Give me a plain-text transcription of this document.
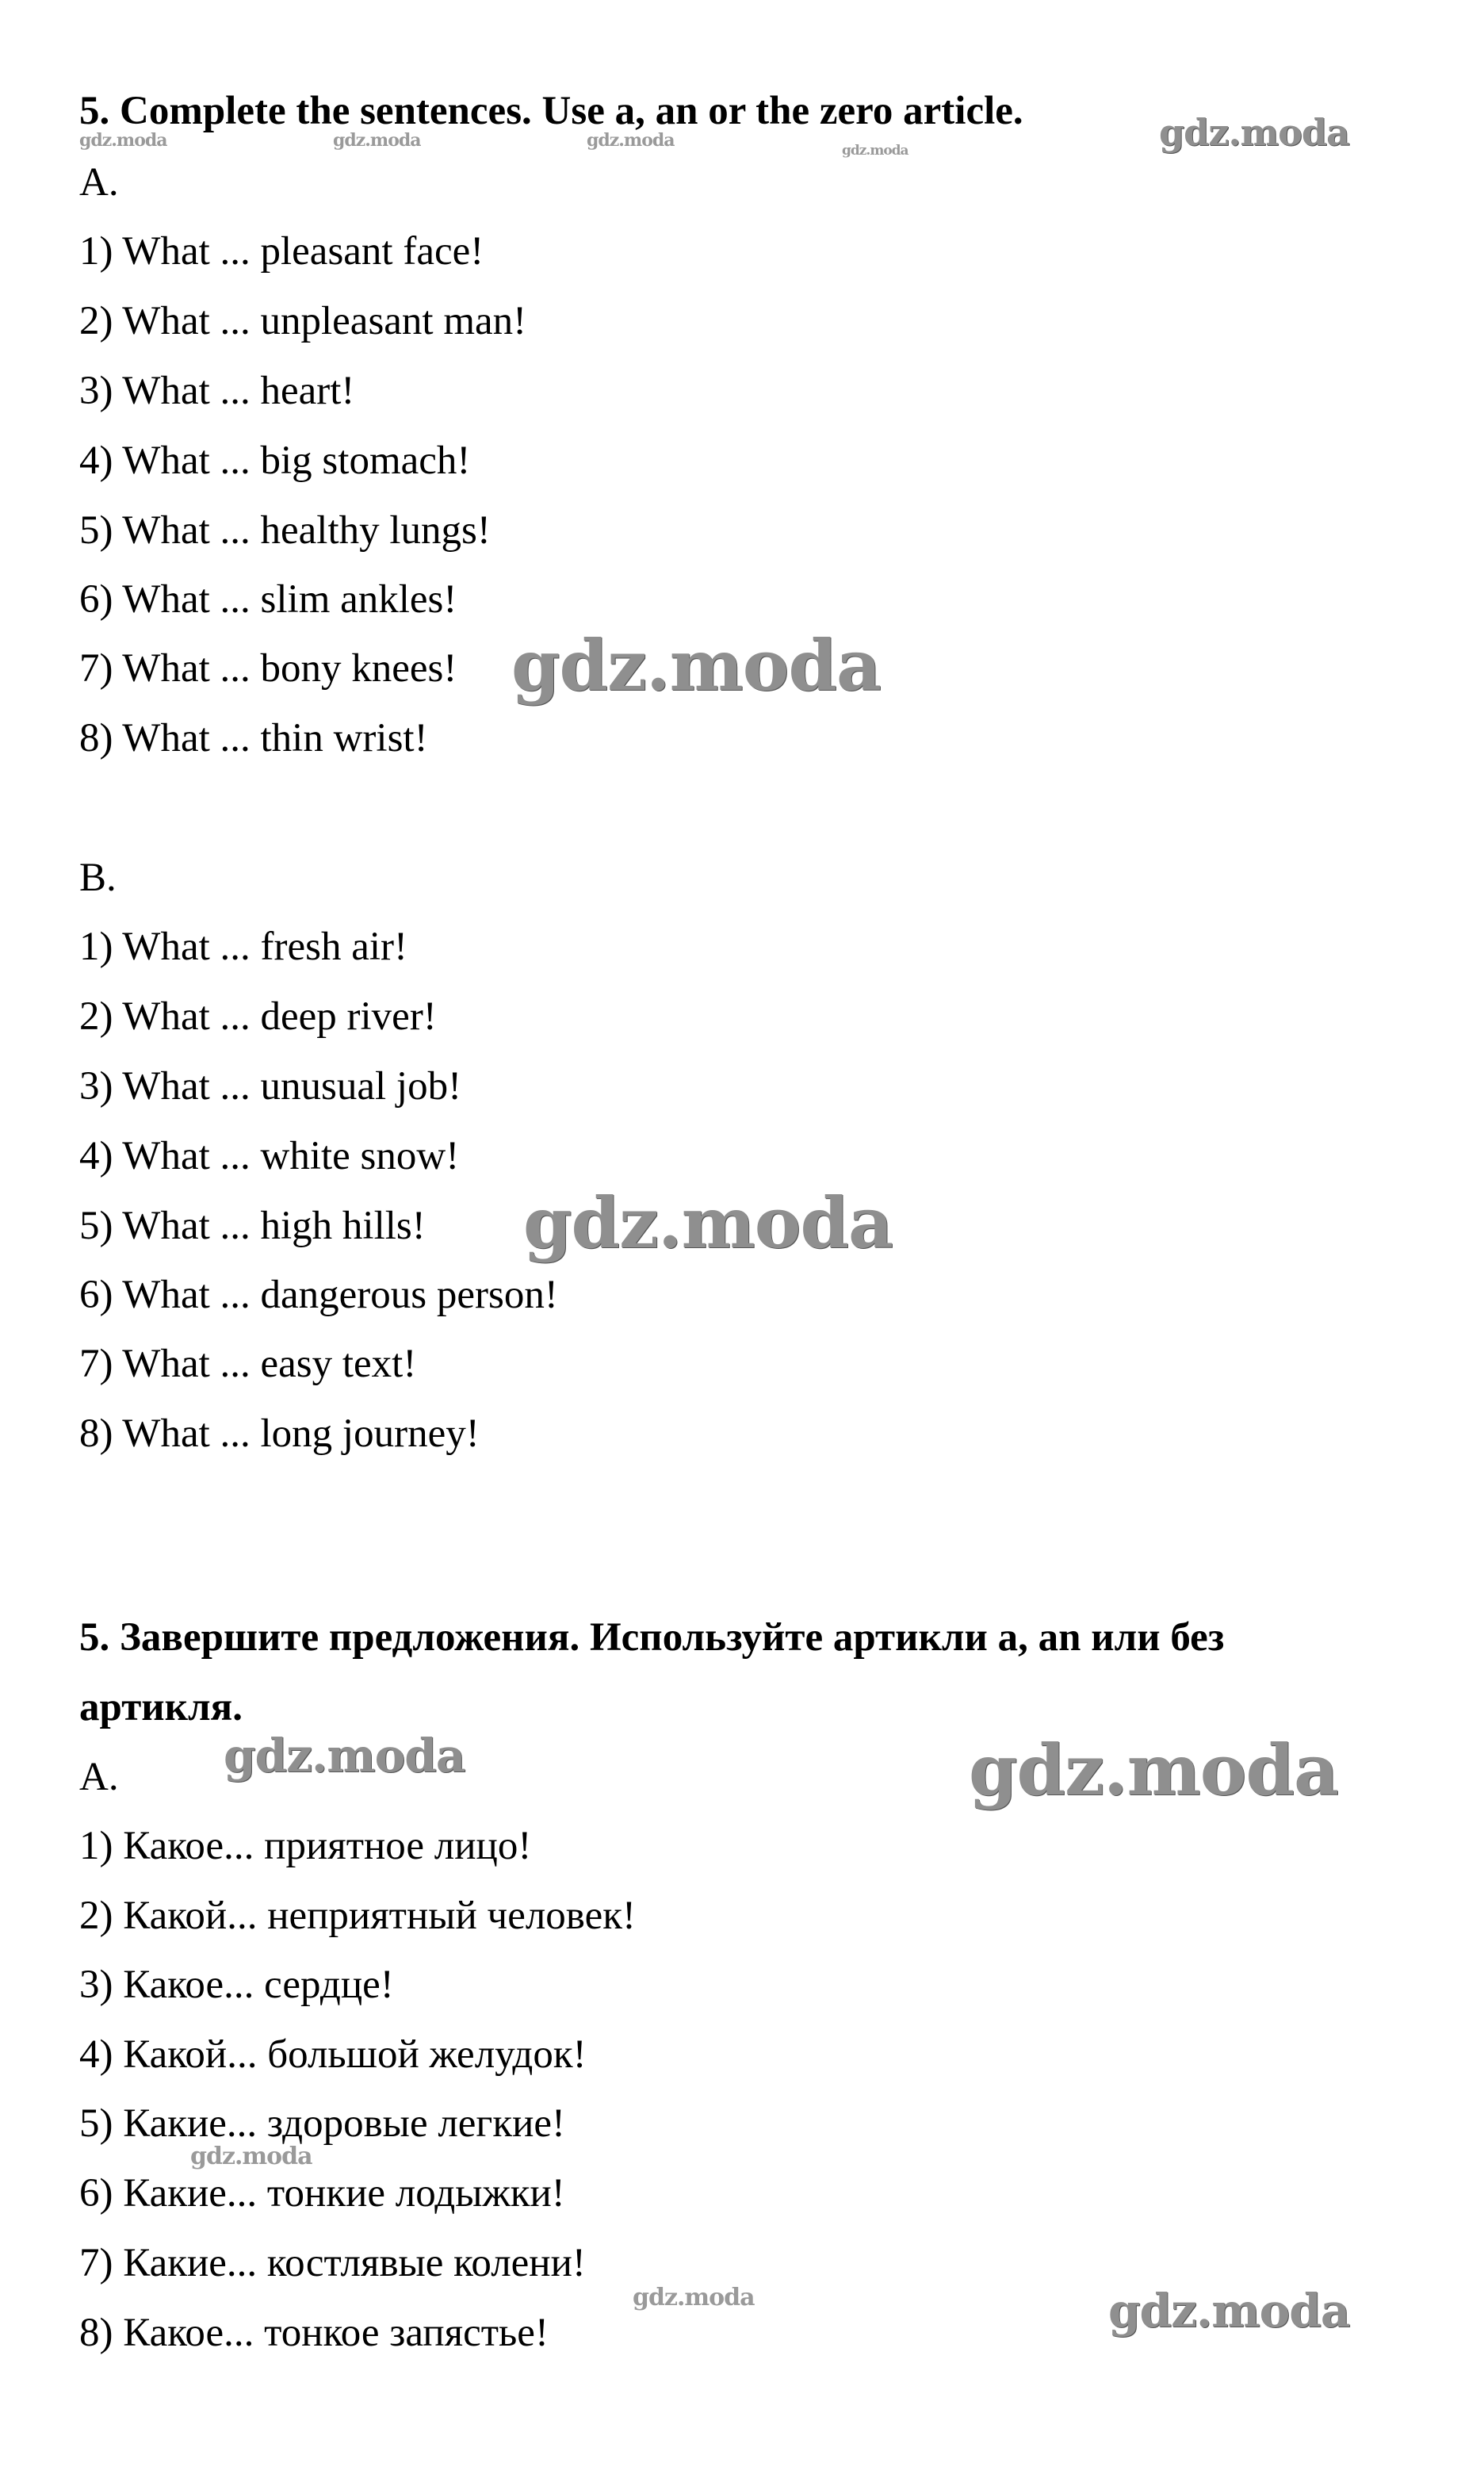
5. Complete the sentences. Use a, an or the zero article.
A.
1) What ... pleasant face!
2) What ... unpleasant man!
3) What ... heart!
4) What ... big stomach!
5) What ... healthy lungs!
6) What ... slim ankles!
7) What ... bony knees!
8) What ... thin wrist!
B.
1) What ... fresh air!
2) What ... deep river!
3) What ... unusual job!
4) What ... white snow!
5) What ... high hills!
6) What ... dangerous person!
7) What ... easy text!
8) What ... long journey!
5. Завершите предложения. Используйте артикли a, an или без
артикля.
A.
1) Какое... приятное лицо!
2) Какой... неприятный человек!
3) Какое... сердце!
4) Какой... большой желудок!
5) Какие... здоровые легкие!
6) Какие... тонкие лодыжки!
7) Какие... костлявые колени!
8) Какое... тонкое запястье!
gdz.moda	gdz.moda	gdz.moda	gdz.moda	gdz.moda
gdz.moda
gdz.moda
gdz.moda	gdz.moda
gdz.moda
gdz.moda	gdz.moda
